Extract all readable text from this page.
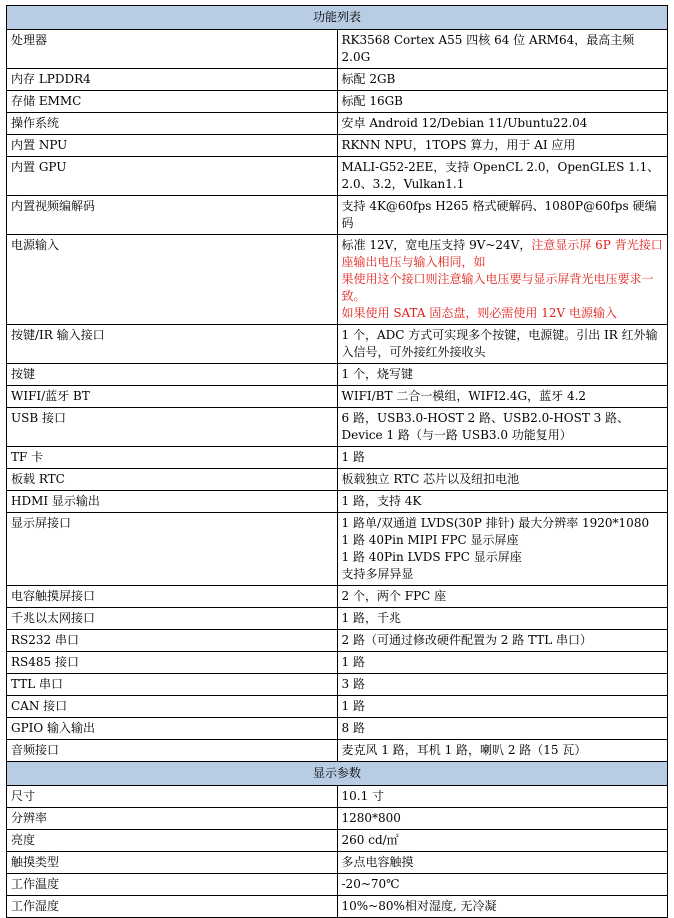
功能列表	
处理器	RK3568 Cortex A55 四核 64 位 ARM64，最高主频 2.0G

内存 LPDDR4	标配 2GB

存储 EMMC	标配 16GB

操作系统	安卓 Android 12/Debian 11/Ubuntu22.04

内置 NPU	RKNN NPU，1TOPS 算力，用于 AI 应用

内置 GPU	MALI-G52-2EE，支持 OpenCL 2.0，OpenGLES 1.1、2.0、3.2，Vulkan1.1

内置视频编解码	支持 4K@60fps H265 格式硬解码、1080P@60fps 硬编码

电源输入	标准 12V，宽电压支持 9V~24V，注意显示屏 6P 背光接口座输出电压与输入相同，如
果使用这个接口则注意输入电压要与显示屏背光电压要求一致。
如果使用 SATA 固态盘，则必需使用 12V 电源输入

按键/IR 输入接口	1 个，ADC 方式可实现多个按键，电源键。引出 IR 红外输入信号，可外接红外接收头

按键	1 个，烧写键

WIFI/蓝牙 BT	WIFI/BT 二合一模组，WIFI2.4G，蓝牙 4.2

USB 接口	6 路，USB3.0-HOST 2 路、USB2.0-HOST 3 路、Device 1 路（与一路 USB3.0 功能复用）

TF 卡	1 路

板载 RTC	板载独立 RTC 芯片以及纽扣电池

HDMI 显示输出	1 路，支持 4K

显示屏接口	1 路单/双通道 LVDS(30P 排针) 最大分辨率 1920*1080
1 路 40Pin MIPI FPC 显示屏座
1 路 40Pin LVDS FPC 显示屏座
支持多屏异显

电容触摸屏接口	2 个，两个 FPC 座

千兆以太网接口	1 路，千兆

RS232 串口	2 路（可通过修改硬件配置为 2 路 TTL 串口）

RS485 接口	1 路

TTL 串口	3 路

CAN 接口	1 路

GPIO 输入输出	8 路

音频接口	麦克风 1 路，耳机 1 路，喇叭 2 路（15 瓦）

显示参数	
尺寸	10.1 寸

分辨率	1280*800

亮度	260 cd/㎡

触摸类型	多点电容触摸

工作温度	-20~70℃

工作湿度	10%~80%相对湿度, 无冷凝
